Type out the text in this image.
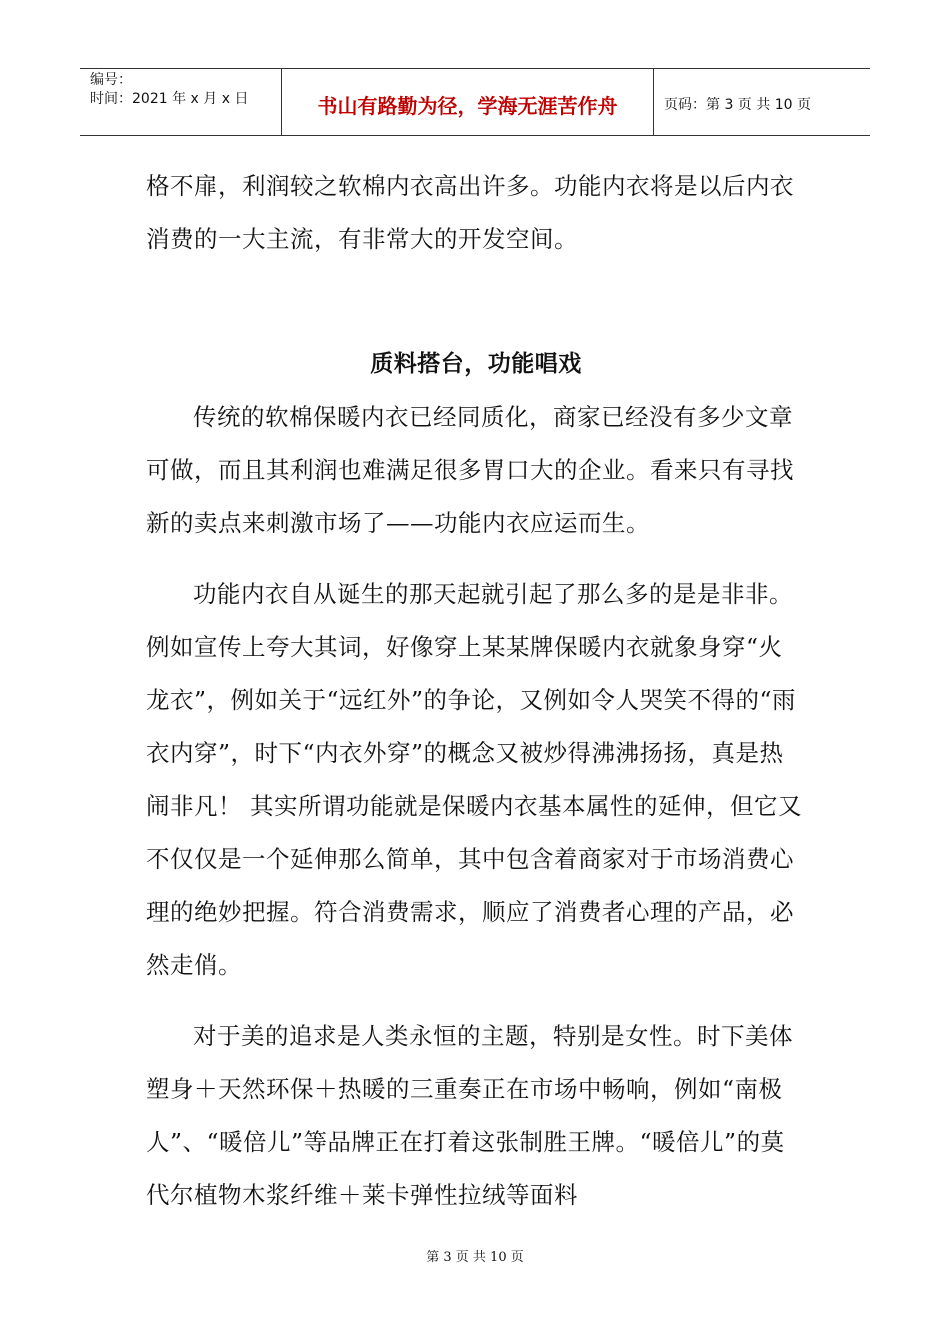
编号：
时间：2021 年 x 月 x 日	书山有路勤为径，学海无涯苦作舟	页码：第 3 页 共 10 页

格不扉，利润较之软棉内衣高出许多。功能内衣将是以后内衣消费的一大主流，有非常大的开发空间。

质料搭台，功能唱戏

传统的软棉保暖内衣已经同质化，商家已经没有多少文章可做，而且其利润也难满足很多胃口大的企业。看来只有寻找新的卖点来刺激市场了——功能内衣应运而生。

功能内衣自从诞生的那天起就引起了那么多的是是非非。例如宣传上夸大其词，好像穿上某某牌保暖内衣就象身穿“火龙衣”，例如关于“远红外”的争论，又例如令人哭笑不得的“雨衣内穿”，时下“内衣外穿”的概念又被炒得沸沸扬扬，真是热闹非凡！ 其实所谓功能就是保暖内衣基本属性的延伸，但它又不仅仅是一个延伸那么简单，其中包含着商家对于市场消费心理的绝妙把握。符合消费需求，顺应了消费者心理的产品，必然走俏。

对于美的追求是人类永恒的主题，特别是女性。时下美体塑身＋天然环保＋热暖的三重奏正在市场中畅响，例如“南极人”、“暖倍儿”等品牌正在打着这张制胜王牌。“暖倍儿”的莫代尔植物木浆纤维＋莱卡弹性拉绒等面料

第 3 页 共 10 页
